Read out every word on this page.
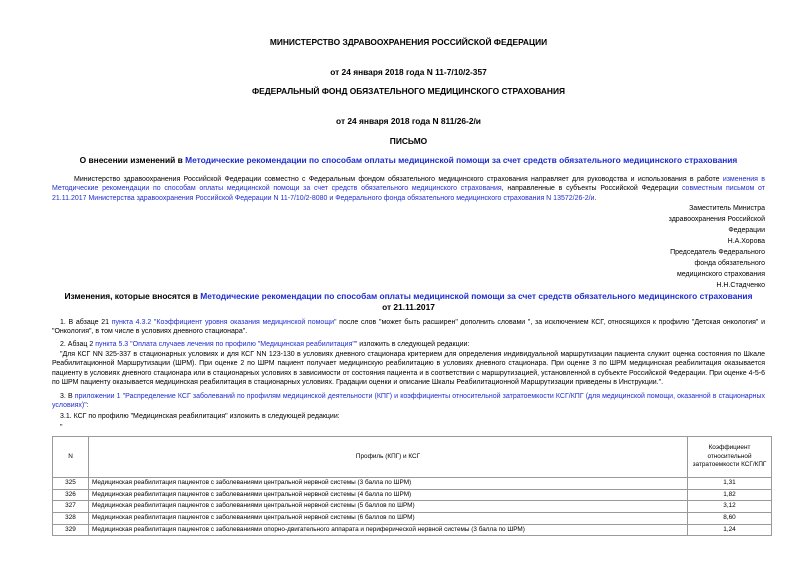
МИНИСТЕРСТВО ЗДРАВООХРАНЕНИЯ РОССИЙСКОЙ ФЕДЕРАЦИИ
от 24 января 2018 года N 11-7/10/2-357
ФЕДЕРАЛЬНЫЙ ФОНД ОБЯЗАТЕЛЬНОГО МЕДИЦИНСКОГО СТРАХОВАНИЯ
от 24 января 2018 года N 811/26-2/и
ПИСЬМО
О внесении изменений в Методические рекомендации по способам оплаты медицинской помощи за счет средств обязательного медицинского страхования
Министерство здравоохранения Российской Федерации совместно с Федеральным фондом обязательного медицинского страхования направляет для руководства и использования в работе изменения в Методические рекомендации по способам оплаты медицинской помощи за счет средств обязательного медицинского страхования, направленные в субъекты Российской Федерации совместным письмом от 21.11.2017 Министерства здравоохранения Российской Федерации N 11-7/10/2-8080 и Федерального фонда обязательного медицинского страхования N 13572/26-2/и.
Заместитель Министра
здравоохранения Российской
Федерации
Н.А.Хорова
Председатель Федерального
фонда обязательного
медицинского страхования
Н.Н.Стадченко
Изменения, которые вносятся в Методические рекомендации по способам оплаты медицинской помощи за счет средств обязательного медицинского страхования
от 21.11.2017
1. В абзаце 21 пункта 4.3.2 "Коэффициент уровня оказания медицинской помощи" после слов "может быть расширен" дополнить словами ", за исключением КСГ, относящихся к профилю "Детская онкология" и "Онкология", в том числе в условиях дневного стационара".
2. Абзац 2 пункта 5.3 "Оплата случаев лечения по профилю "Медицинская реабилитация"" изложить в следующей редакции:
"Для КСГ NN 325-337 в стационарных условиях и для КСГ NN 123-130 в условиях дневного стационара критерием для определения индивидуальной маршрутизации пациента служит оценка состояния по Шкале Реабилитационной Маршрутизации (ШРМ). При оценке 2 по ШРМ пациент получает медицинскую реабилитацию в условиях дневного стационара. При оценке 3 по ШРМ медицинская реабилитация оказывается пациенту в условиях дневного стационара или в стационарных условиях в зависимости от состояния пациента и в соответствии с маршрутизацией, установленной в субъекте Российской Федерации. При оценке 4-5-6 по ШРМ пациенту оказывается медицинская реабилитация в стационарных условиях. Градации оценки и описание Шкалы Реабилитационной Маршрутизации приведены в Инструкции.".
3. В приложении 1 "Распределение КСГ заболеваний по профилям медицинской деятельности (КПГ) и коэффициенты относительной затратоемкости КСГ/КПГ (для медицинской помощи, оказанной в стационарных условиях)":
3.1. КСГ по профилю "Медицинская реабилитация" изложить в следующей редакции:
"
N	Профиль (КПГ) и КСГ	Коэффициент относительной затратоемкости КСГ/КПГ
325	Медицинская реабилитация пациентов с заболеваниями центральной нервной системы (3 балла по ШРМ)	1,31
326	Медицинская реабилитация пациентов с заболеваниями центральной нервной системы (4 балла по ШРМ)	1,82
327	Медицинская реабилитация пациентов с заболеваниями центральной нервной системы (5 баллов по ШРМ)	3,12
328	Медицинская реабилитация пациентов с заболеваниями центральной нервной системы (6 баллов по ШРМ)	8,60
329	Медицинская реабилитация пациентов с заболеваниями опорно-двигательного аппарата и периферической нервной системы (3 балла по ШРМ)	1,24
